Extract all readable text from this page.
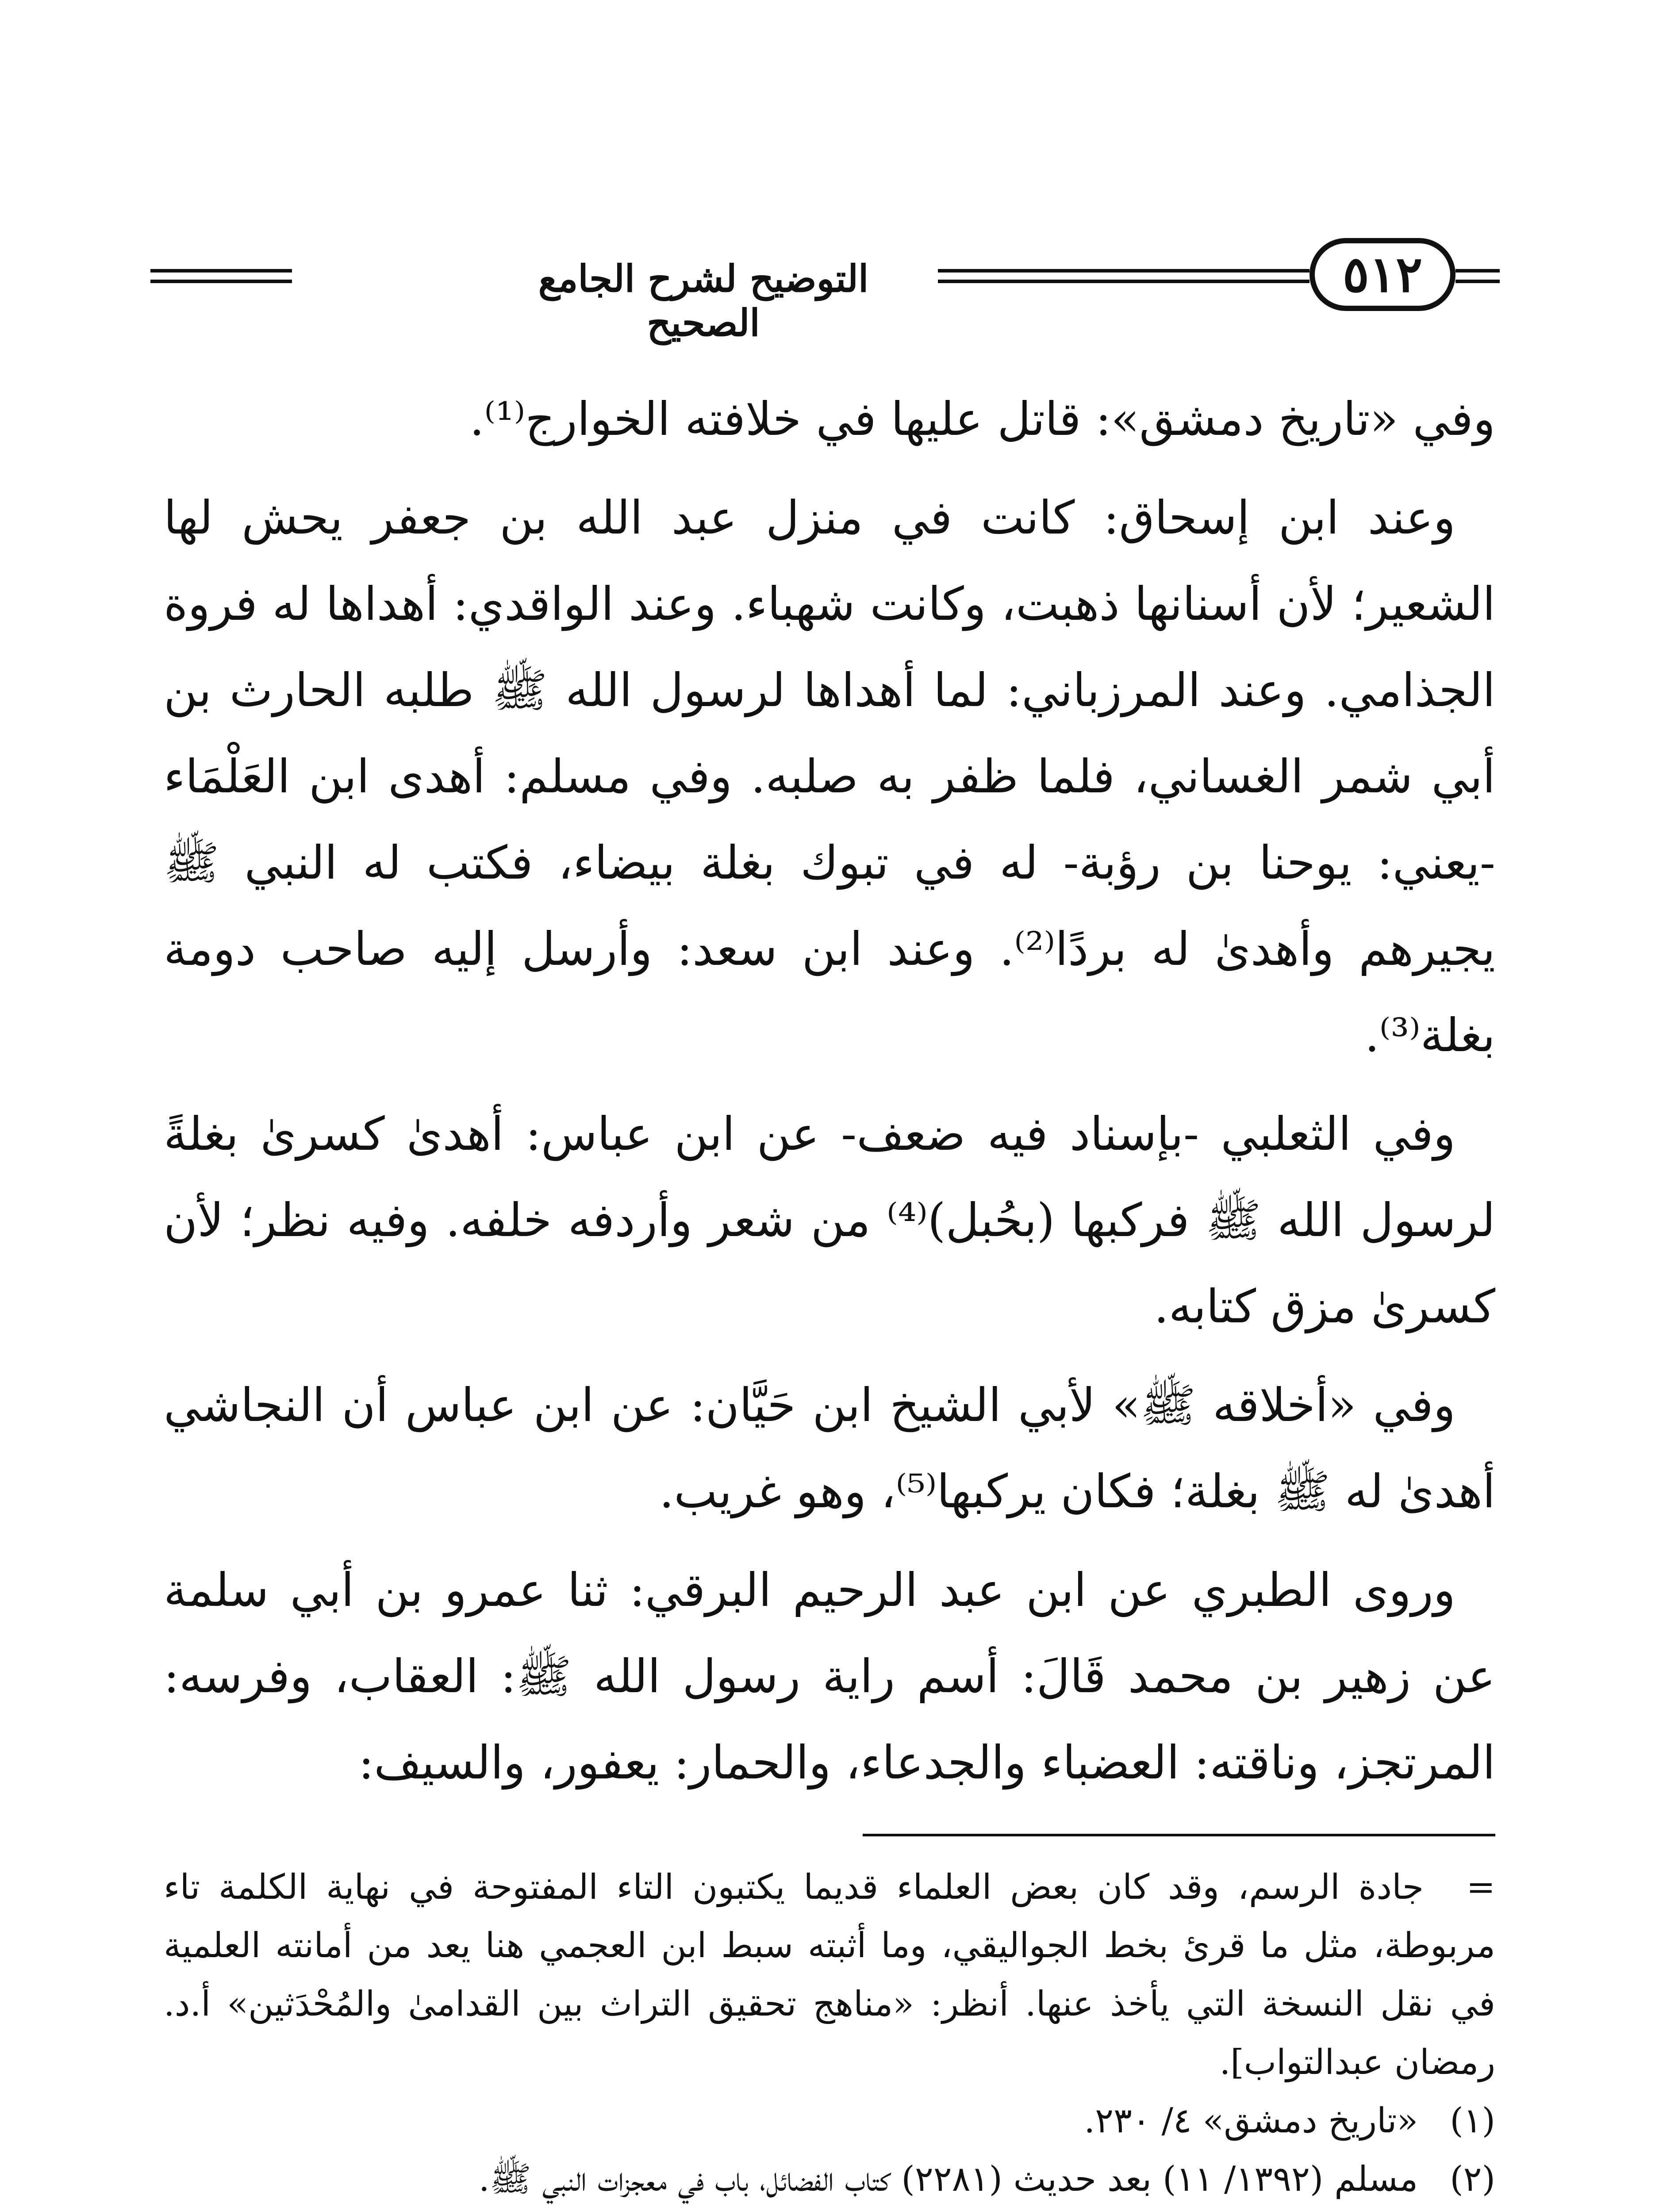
التوضيح لشرح الجامع الصحيح
٥١٢

وفي «تاريخ دمشق»: قاتل عليها في خلافته الخوارج⁽¹⁾.

وعند ابن إسحاق: كانت في منزل عبد الله بن جعفر يحش لها الشعير؛ لأن أسنانها ذهبت، وكانت شهباء. وعند الواقدي: أهداها له فروة الجذامي. وعند المرزباني: لما أهداها لرسول الله ﷺ طلبه الحارث بن أبي شمر الغساني، فلما ظفر به صلبه. وفي مسلم: أهدى ابن العَلْمَاء -يعني: يوحنا بن رؤبة- له في تبوك بغلة بيضاء، فكتب له النبي ﷺ يجيرهم وأهدىٰ له بردًا⁽²⁾. وعند ابن سعد: وأرسل إليه صاحب دومة بغلة⁽³⁾.

وفي الثعلبي -بإسناد فيه ضعف- عن ابن عباس: أهدىٰ كسرىٰ بغلةً لرسول الله ﷺ فركبها (بحُبل)⁽⁴⁾ من شعر وأردفه خلفه. وفيه نظر؛ لأن كسرىٰ مزق كتابه.

وفي «أخلاقه ﷺ» لأبي الشيخ ابن حَيَّان: عن ابن عباس أن النجاشي أهدىٰ له ﷺ بغلة؛ فكان يركبها⁽⁵⁾، وهو غريب.

وروى الطبري عن ابن عبد الرحيم البرقي: ثنا عمرو بن أبي سلمة عن زهير بن محمد قَالَ: أسم راية رسول الله ﷺ: العقاب، وفرسه: المرتجز، وناقته: العضباء والجدعاء، والحمار: يعفور، والسيف:

= جادة الرسم، وقد كان بعض العلماء قديما يكتبون التاء المفتوحة في نهاية الكلمة تاء مربوطة، مثل ما قرئ بخط الجواليقي، وما أثبته سبط ابن العجمي هنا يعد من أمانته العلمية في نقل النسخة التي يأخذ عنها. أنظر: «مناهج تحقيق التراث بين القدامىٰ والمُحْدَثين» أ.د. رمضان عبدالتواب].

(١) «تاريخ دمشق» ٤/ ٢٣٠.

(٢) مسلم (١٣٩٢/ ١١) بعد حديث (٢٢٨١) كتاب الفضائل، باب في معجزات النبي ﷺ.
